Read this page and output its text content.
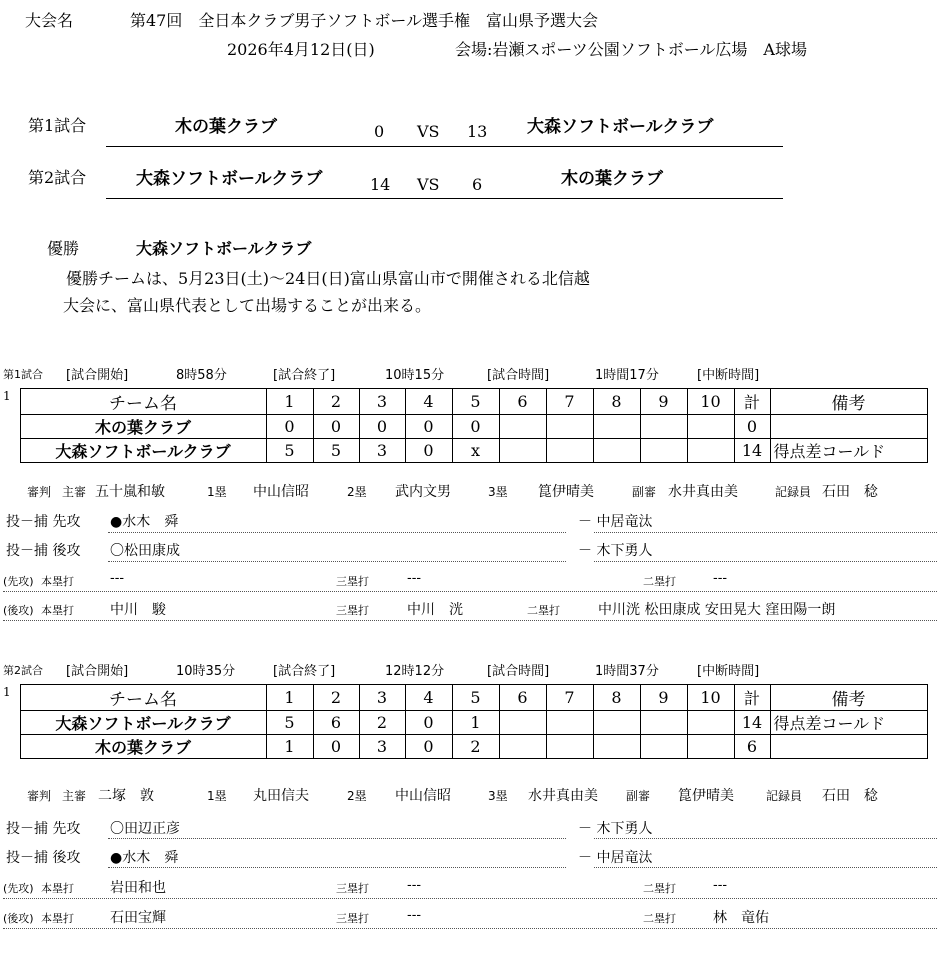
大会名	第47回　全日本クラブ男子ソフトボール選手権　富山県予選大会
2026年4月12日(日)	会場:岩瀬スポーツ公園ソフトボール広場　A球場
第1試合	木の葉クラブ	0 VS 13 大森ソフトボールクラブ
第2試合	大森ソフトボールクラブ	14 VS 6	木の葉クラブ
優勝	大森ソフトボールクラブ
優勝チームは、5月23日(土)～24日(日)富山県富山市で開催される北信越
大会に、富山県代表として出場することが出来る。
第1試合 [試合開始]	8時58分	[試合終了]	10時15分	[試合時間]	1時間17分	[中断時間]
1	チーム名	1	2	3	4	5	6	7	8	9	10	計	備考
	木の葉クラブ	0	0	0	0	0						0	
	大森ソフトボールクラブ	5	5	3	0	x						14	得点差コールド
審判 主審 五十嵐和敏	1塁 中山信昭	2塁 武内文男	3塁 箟伊晴美	副審 水井真由美	記録員 石田　稔
投－捕 先攻 ●水木　舜	－ 中居竜汰
投－捕 後攻 〇松田康成	－ 木下勇人
(先攻) 本塁打	---	三塁打	---	二塁打	---
(後攻) 本塁打	中川　駿	三塁打	中川　洸	二塁打	中川洸 松田康成 安田晃大 窪田陽一朗
第2試合 [試合開始]	10時35分	[試合終了]	12時12分	[試合時間]	1時間37分	[中断時間]
1	チーム名	1	2	3	4	5	6	7	8	9	10	計	備考
	大森ソフトボールクラブ	5	6	2	0	1						14	得点差コールド
	木の葉クラブ	1	0	3	0	2						6	
審判 主審 二塚　敦	1塁 丸田信夫	2塁 中山信昭	3塁 水井真由美 副審 箟伊晴美	記録員 石田　稔
投－捕 先攻 〇田辺正彦	－ 木下勇人
投－捕 後攻 ●水木　舜	－ 中居竜汰
(先攻) 本塁打	岩田和也	三塁打	---	二塁打	---
(後攻) 本塁打	石田宝輝	三塁打	---	二塁打	林　竜佑
